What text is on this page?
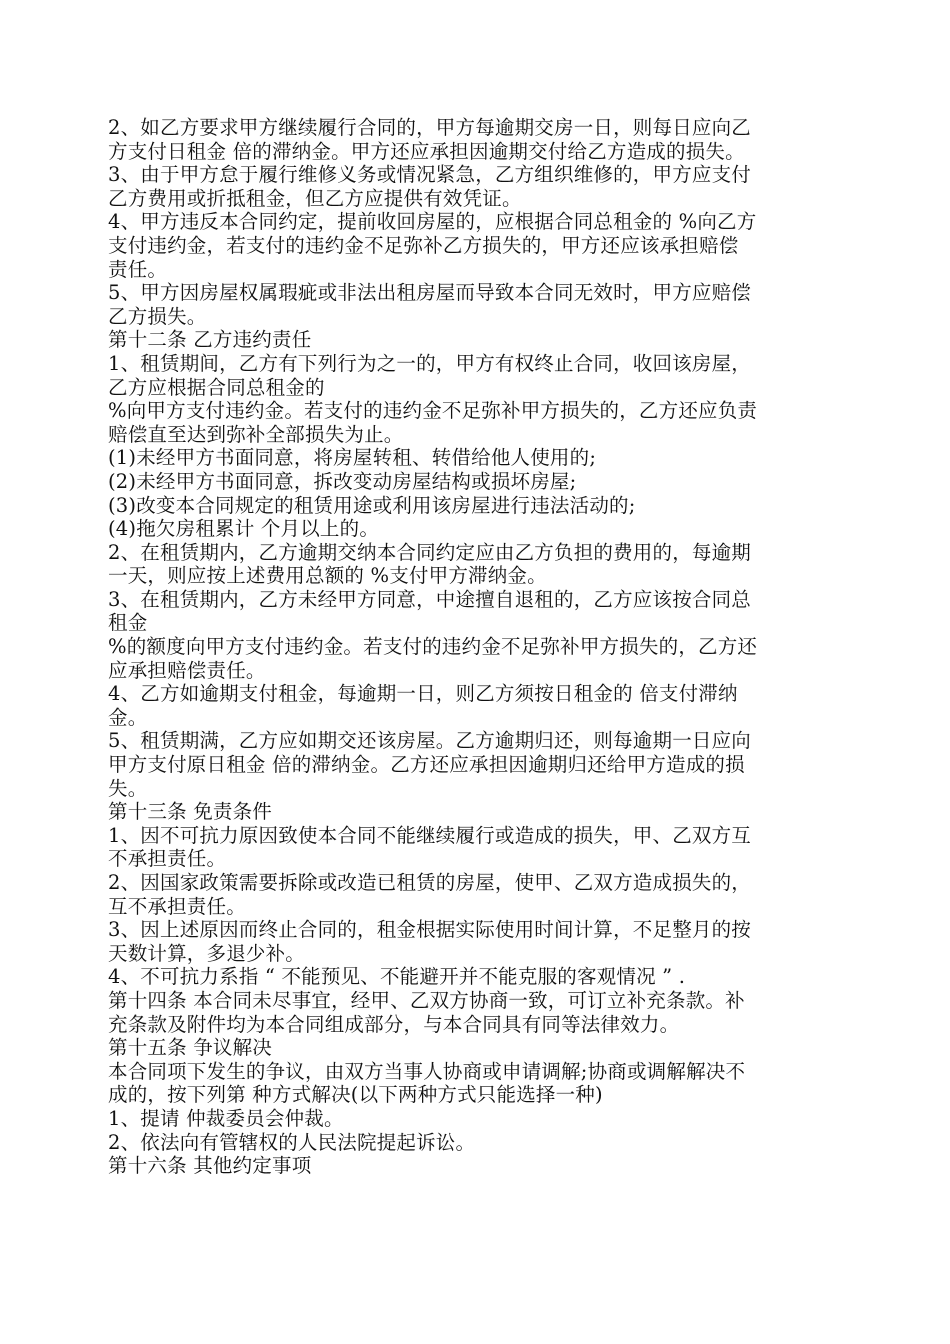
2、如乙方要求甲方继续履行合同的，甲方每逾期交房一日，则每日应向乙
方支付日租金 倍的滞纳金。甲方还应承担因逾期交付给乙方造成的损失。
3、由于甲方怠于履行维修义务或情况紧急，乙方组织维修的，甲方应支付
乙方费用或折抵租金，但乙方应提供有效凭证。
4、甲方违反本合同约定，提前收回房屋的，应根据合同总租金的 %向乙方
支付违约金，若支付的违约金不足弥补乙方损失的，甲方还应该承担赔偿
责任。
5、甲方因房屋权属瑕疵或非法出租房屋而导致本合同无效时，甲方应赔偿
乙方损失。
第十二条 乙方违约责任
1、租赁期间，乙方有下列行为之一的，甲方有权终止合同，收回该房屋，
乙方应根据合同总租金的
%向甲方支付违约金。若支付的违约金不足弥补甲方损失的，乙方还应负责
赔偿直至达到弥补全部损失为止。
(1)未经甲方书面同意，将房屋转租、转借给他人使用的;
(2)未经甲方书面同意，拆改变动房屋结构或损坏房屋;
(3)改变本合同规定的租赁用途或利用该房屋进行违法活动的;
(4)拖欠房租累计 个月以上的。
2、在租赁期内，乙方逾期交纳本合同约定应由乙方负担的费用的，每逾期
一天，则应按上述费用总额的 %支付甲方滞纳金。
3、在租赁期内，乙方未经甲方同意，中途擅自退租的，乙方应该按合同总
租金
%的额度向甲方支付违约金。若支付的违约金不足弥补甲方损失的，乙方还
应承担赔偿责任。
4、乙方如逾期支付租金，每逾期一日，则乙方须按日租金的 倍支付滞纳
金。
5、租赁期满，乙方应如期交还该房屋。乙方逾期归还，则每逾期一日应向
甲方支付原日租金 倍的滞纳金。乙方还应承担因逾期归还给甲方造成的损
失。
第十三条 免责条件
1、因不可抗力原因致使本合同不能继续履行或造成的损失，甲、乙双方互
不承担责任。
2、因国家政策需要拆除或改造已租赁的房屋，使甲、乙双方造成损失的，
互不承担责任。
3、因上述原因而终止合同的，租金根据实际使用时间计算，不足整月的按
天数计算，多退少补。
4、不可抗力系指 “ 不能预见、不能避开并不能克服的客观情况 ” .
第十四条 本合同未尽事宜，经甲、乙双方协商一致，可订立补充条款。补
充条款及附件均为本合同组成部分，与本合同具有同等法律效力。
第十五条 争议解决
本合同项下发生的争议，由双方当事人协商或申请调解;协商或调解解决不
成的，按下列第 种方式解决(以下两种方式只能选择一种)
1、提请 仲裁委员会仲裁。
2、依法向有管辖权的人民法院提起诉讼。
第十六条 其他约定事项
